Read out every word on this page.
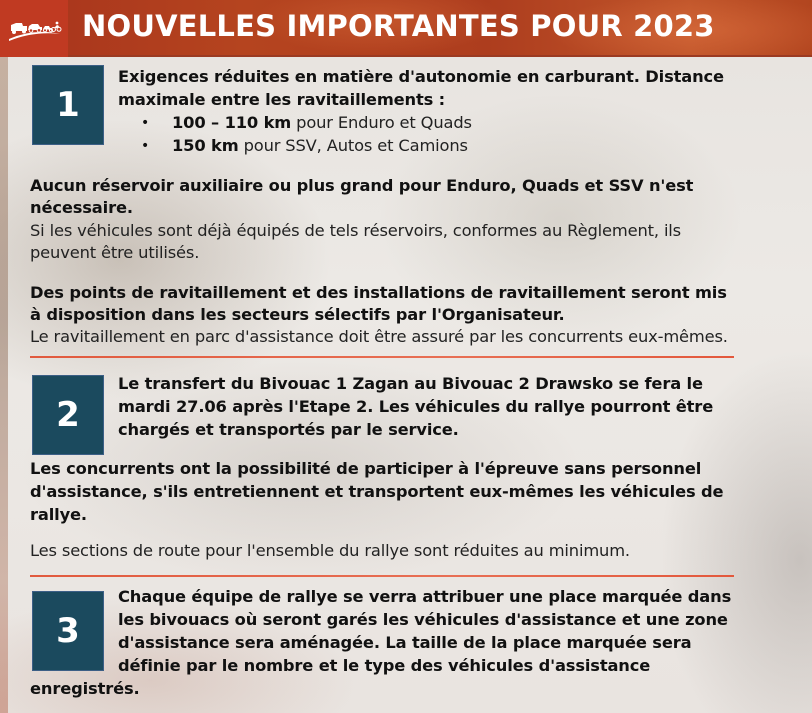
NOUVELLES IMPORTANTES POUR 2023
1
Exigences réduites en matière d'autonomie en carburant. Distance
maximale entre les ravitaillements :
• 100 – 110 km pour Enduro et Quads
• 150 km pour SSV, Autos et Camions
Aucun réservoir auxiliaire ou plus grand pour Enduro, Quads et SSV n'est
nécessaire.
Si les véhicules sont déjà équipés de tels réservoirs, conformes au Règlement, ils
peuvent être utilisés.
Des points de ravitaillement et des installations de ravitaillement seront mis
à disposition dans les secteurs sélectifs par l'Organisateur.
Le ravitaillement en parc d'assistance doit être assuré par les concurrents eux-mêmes.
2
Le transfert du Bivouac 1 Zagan au Bivouac 2 Drawsko se fera le
mardi 27.06 après l'Etape 2. Les véhicules du rallye pourront être
chargés et transportés par le service.
Les concurrents ont la possibilité de participer à l'épreuve sans personnel
d'assistance, s'ils entretiennent et transportent eux-mêmes les véhicules de
rallye.
Les sections de route pour l'ensemble du rallye sont réduites au minimum.
3
Chaque équipe de rallye se verra attribuer une place marquée dans
les bivouacs où seront garés les véhicules d'assistance et une zone
d'assistance sera aménagée. La taille de la place marquée sera
définie par le nombre et le type des véhicules d'assistance
enregistrés.
